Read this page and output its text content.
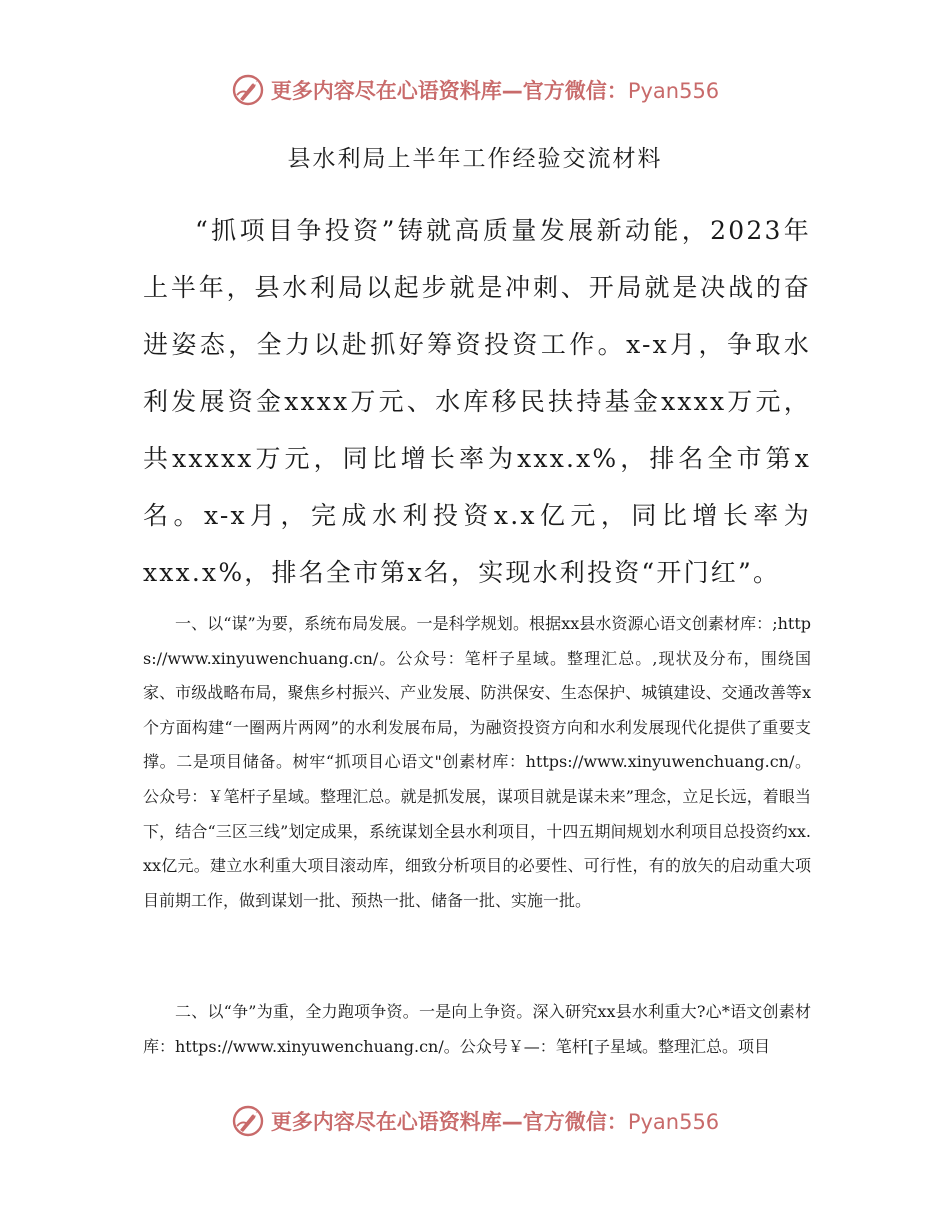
更多内容尽在心语资料库—官方微信：Pyan556
县水利局上半年工作经验交流材料

“抓项目争投资”铸就高质量发展新动能，2023年上半年，县水利局以起步就是冲刺、开局就是决战的奋进姿态，全力以赴抓好筹资投资工作。x-x月，争取水利发展资金xxxx万元、水库移民扶持基金xxxx万元，共xxxxx万元，同比增长率为xxx.x%，排名全市第x名。x-x月，完成水利投资x.x亿元，同比增长率为xxx.x%，排名全市第x名，实现水利投资“开门红”。

一、以“谋”为要，系统布局发展。一是科学规划。根据xx县水资源心语文创素材库：;https://www.xinyuwenchuang.cn/。公众号：笔杆子星域。整理汇总。,现状及分布，围绕国家、市级战略布局，聚焦乡村振兴、产业发展、防洪保安、生态保护、城镇建设、交通改善等x个方面构建“一圈两片两网”的水利发展布局，为融资投资方向和水利发展现代化提供了重要支撑。二是项目储备。树牢“抓项目心语文"创素材库：https://www.xinyuwenchuang.cn/。公众号：￥笔杆子星域。整理汇总。就是抓发展，谋项目就是谋未来”理念，立足长远，着眼当下，结合“三区三线”划定成果，系统谋划全县水利项目，十四五期间规划水利项目总投资约xx.xx亿元。建立水利重大项目滚动库，细致分析项目的必要性、可行性，有的放矢的启动重大项目前期工作，做到谋划一批、预热一批、储备一批、实施一批。

二、以“争”为重，全力跑项争资。一是向上争资。深入研究xx县水利重大?心*语文创素材库：https://www.xinyuwenchuang.cn/。公众号￥—：笔杆[子星域。整理汇总。项目

更多内容尽在心语资料库—官方微信：Pyan556
